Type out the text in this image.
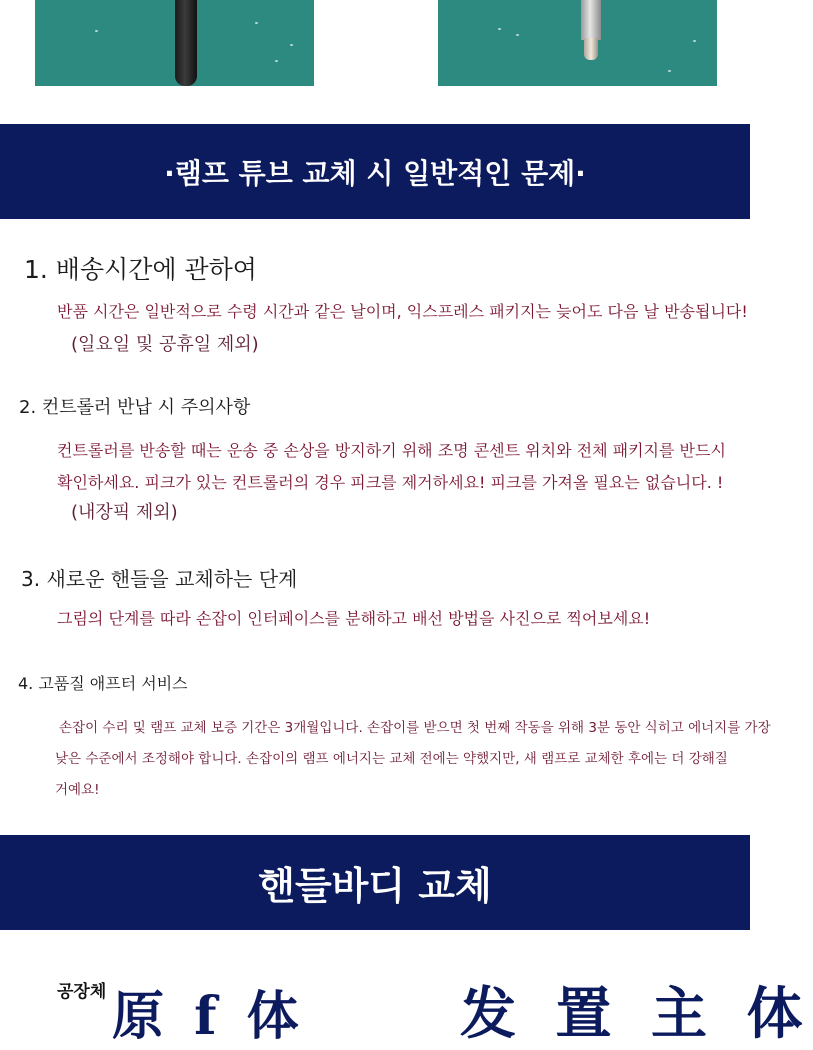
·램프 튜브 교체 시 일반적인 문제·
1. 배송시간에 관하여
반품 시간은 일반적으로 수령 시간과 같은 날이며, 익스프레스 패키지는 늦어도 다음 날 반송됩니다!
(일요일 및 공휴일 제외)
2. 컨트롤러 반납 시 주의사항
컨트롤러를 반송할 때는 운송 중 손상을 방지하기 위해 조명 콘센트 위치와 전체 패키지를 반드시
확인하세요. 피크가 있는 컨트롤러의 경우 피크를 제거하세요! 피크를 가져올 필요는 없습니다. !
(내장픽 제외)
3. 새로운 핸들을 교체하는 단계
그림의 단계를 따라 손잡이 인터페이스를 분해하고 배선 방법을 사진으로 찍어보세요!
4. 고품질 애프터 서비스
손잡이 수리 및 램프 교체 보증 기간은 3개월입니다. 손잡이를 받으면 첫 번째 작동을 위해 3분 동안 식히고 에너지를 가장
낮은 수준에서 조정해야 합니다. 손잡이의 램프 에너지는 교체 전에는 약했지만, 새 램프로 교체한 후에는 더 강해질
거예요!
핸들바디 교체
原 f 体
공장체	发 置 主 体
